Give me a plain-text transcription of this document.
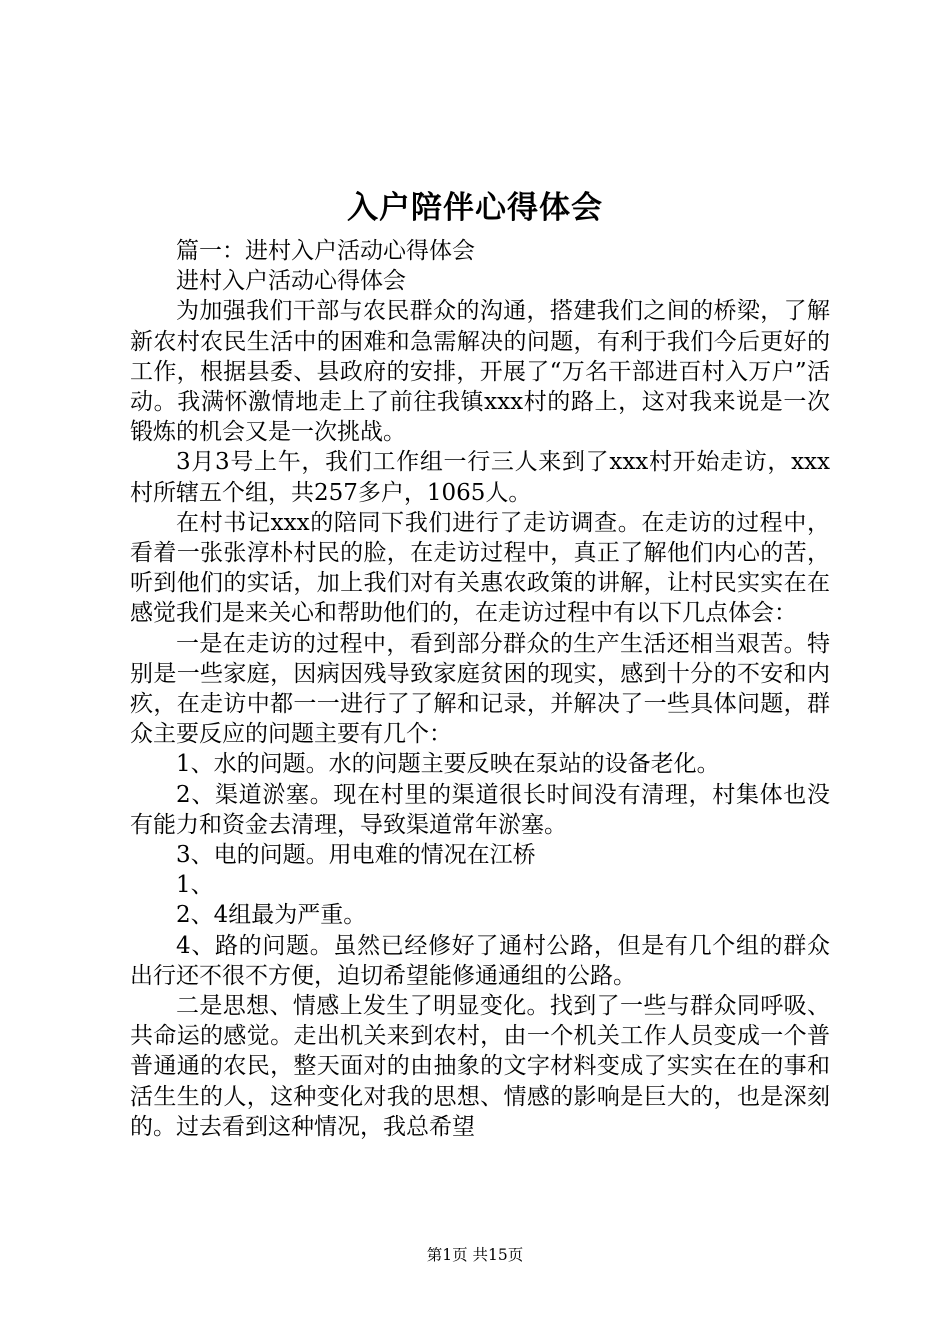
入户陪伴心得体会

篇一：进村入户活动心得体会

进村入户活动心得体会

为加强我们干部与农民群众的沟通，搭建我们之间的桥梁，了解新农村农民生活中的困难和急需解决的问题，有利于我们今后更好的工作，根据县委、县政府的安排，开展了“万名干部进百村入万户”活动。我满怀激情地走上了前往我镇xxx村的路上，这对我来说是一次锻炼的机会又是一次挑战。

3月3号上午，我们工作组一行三人来到了xxx村开始走访，xxx村所辖五个组，共257多户，1065人。

在村书记xxx的陪同下我们进行了走访调查。在走访的过程中，看着一张张淳朴村民的脸，在走访过程中，真正了解他们内心的苦，听到他们的实话，加上我们对有关惠农政策的讲解，让村民实实在在感觉我们是来关心和帮助他们的，在走访过程中有以下几点体会：

一是在走访的过程中，看到部分群众的生产生活还相当艰苦。特别是一些家庭，因病因残导致家庭贫困的现实，感到十分的不安和内疚，在走访中都一一进行了了解和记录，并解决了一些具体问题，群众主要反应的问题主要有几个：

1、水的问题。水的问题主要反映在泵站的设备老化。

2、渠道淤塞。现在村里的渠道很长时间没有清理，村集体也没有能力和资金去清理，导致渠道常年淤塞。

3、电的问题。用电难的情况在江桥

1、

2、4组最为严重。

4、路的问题。虽然已经修好了通村公路，但是有几个组的群众出行还不很不方便，迫切希望能修通通组的公路。

二是思想、情感上发生了明显变化。找到了一些与群众同呼吸、共命运的感觉。走出机关来到农村，由一个机关工作人员变成一个普普通通的农民，整天面对的由抽象的文字材料变成了实实在在的事和活生生的人，这种变化对我的思想、情感的影响是巨大的，也是深刻的。过去看到这种情况，我总希望

第1页 共15页
